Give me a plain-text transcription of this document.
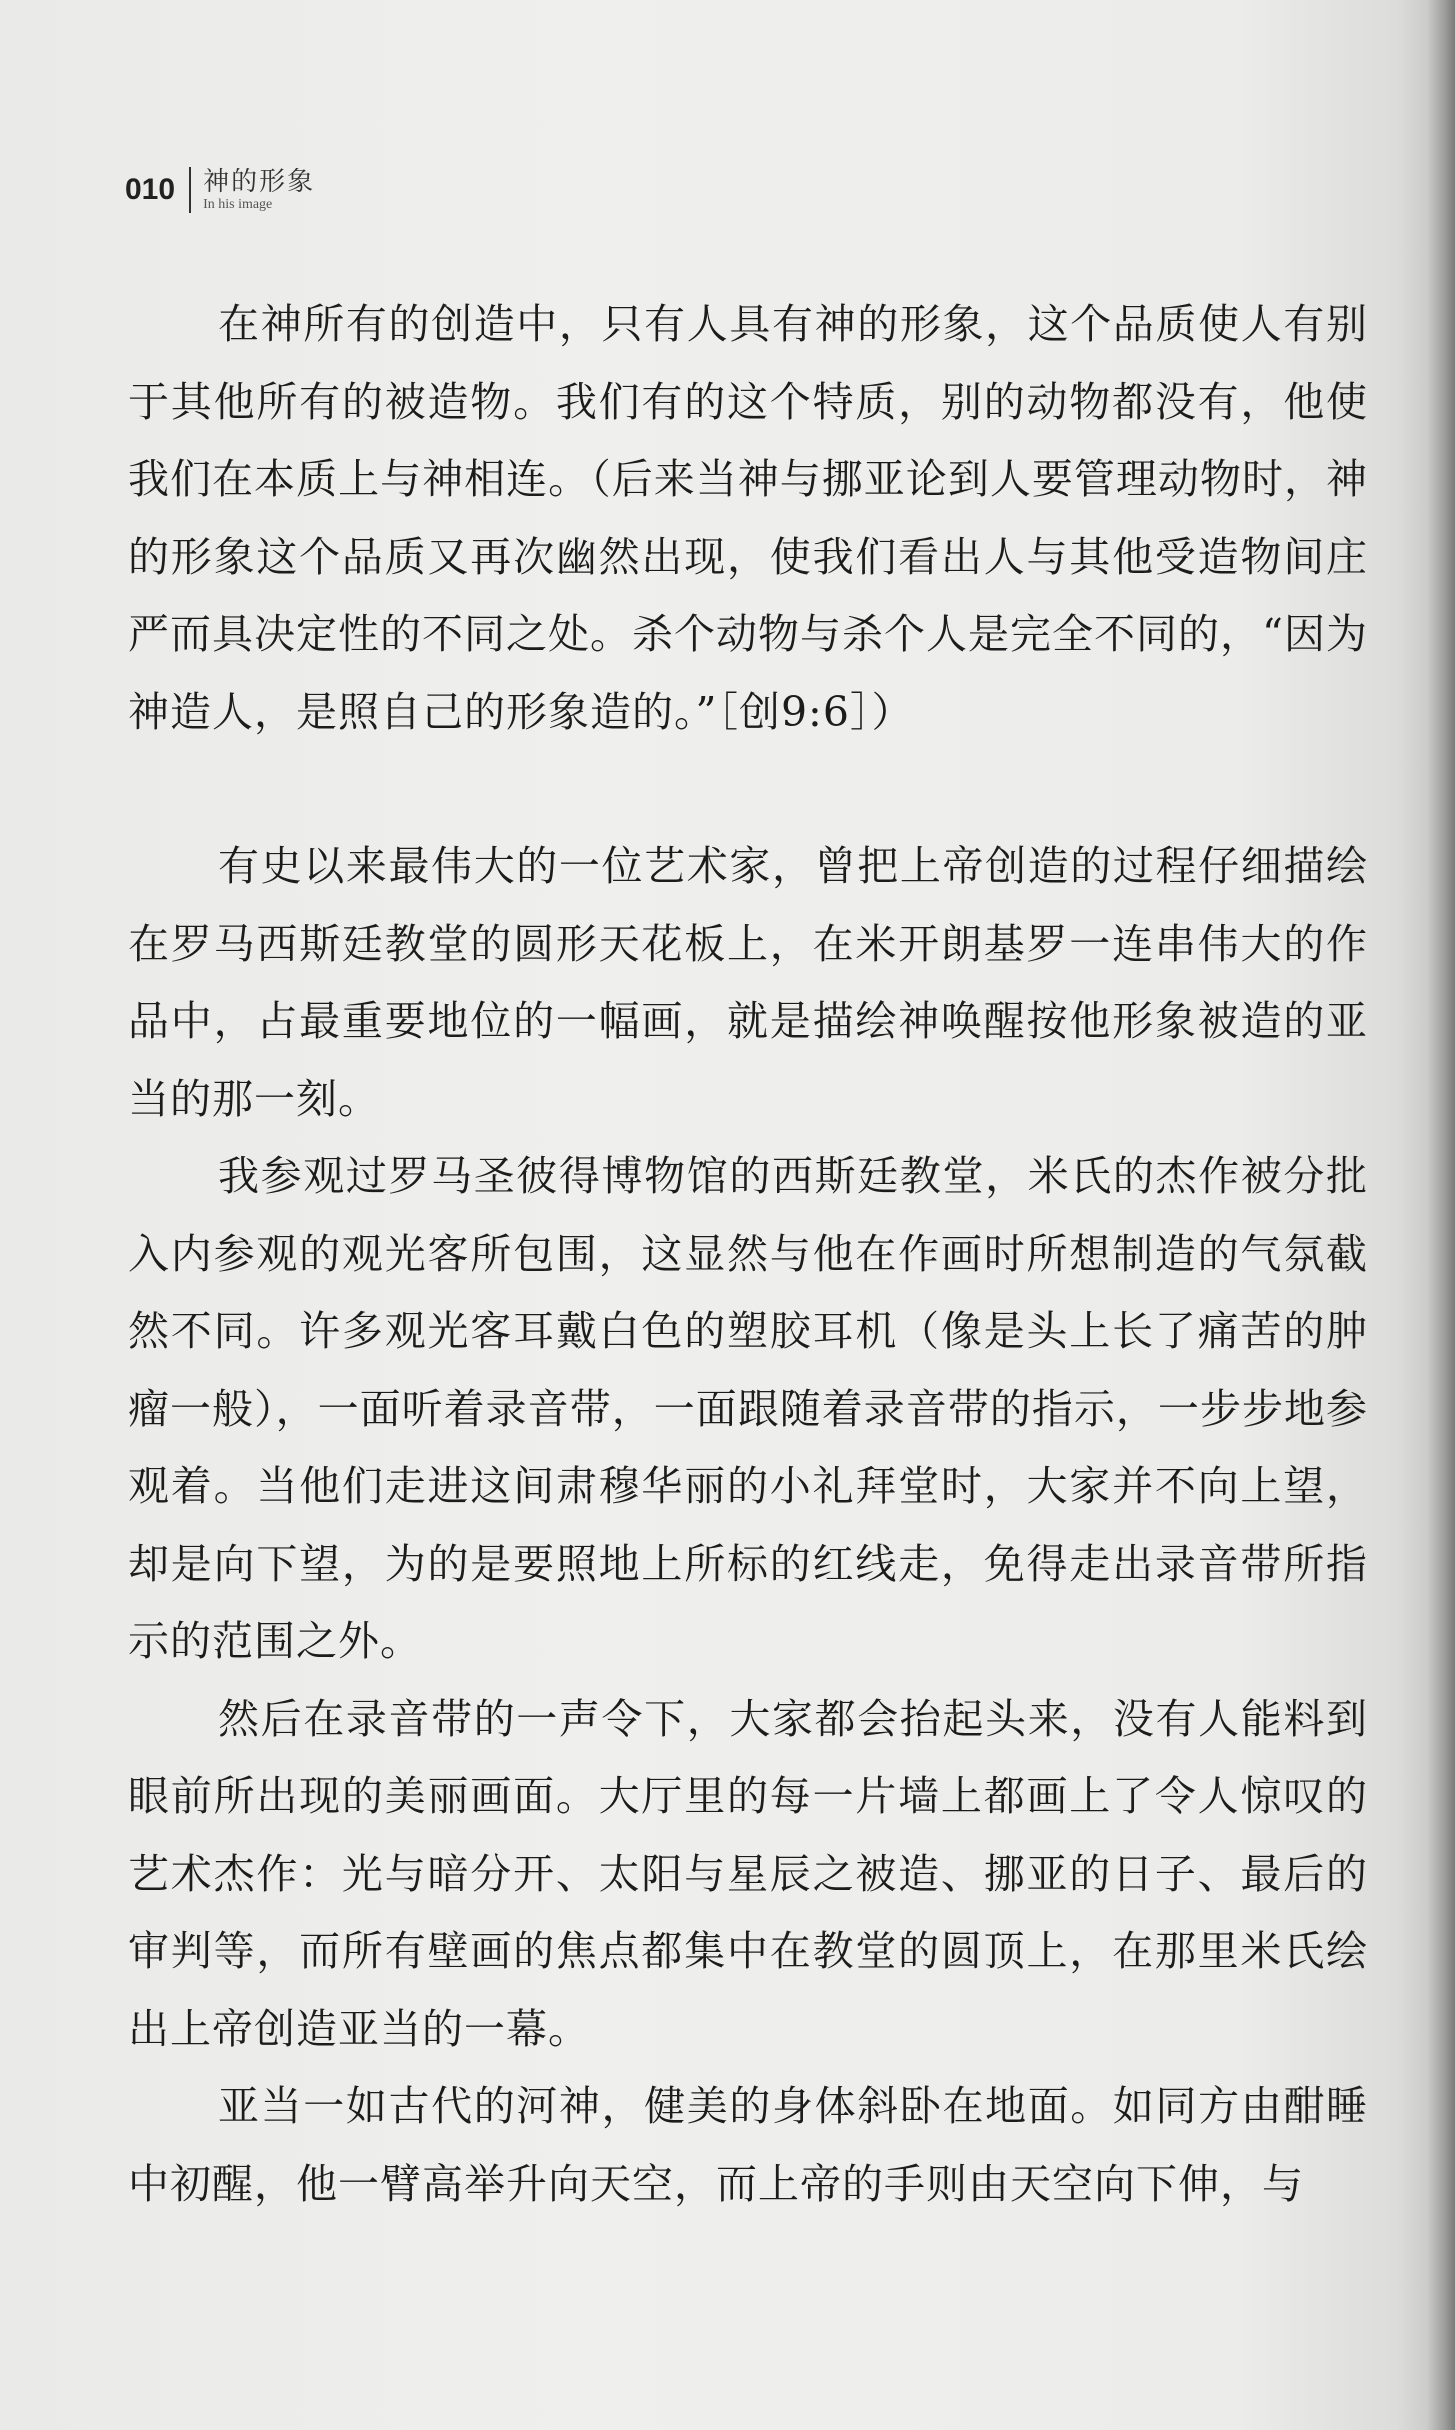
010 神的形象
In his image

在神所有的创造中，只有人具有神的形象，这个品质使人有别于其他所有的被造物。我们有的这个特质，别的动物都没有，他使我们在本质上与神相连。（后来当神与挪亚论到人要管理动物时，神的形象这个品质又再次幽然出现，使我们看出人与其他受造物间庄严而具决定性的不同之处。杀个动物与杀个人是完全不同的，“因为神造人，是照自己的形象造的。”［创9:6］）

有史以来最伟大的一位艺术家，曾把上帝创造的过程仔细描绘在罗马西斯廷教堂的圆形天花板上，在米开朗基罗一连串伟大的作品中，占最重要地位的一幅画，就是描绘神唤醒按他形象被造的亚当的那一刻。

我参观过罗马圣彼得博物馆的西斯廷教堂，米氏的杰作被分批入内参观的观光客所包围，这显然与他在作画时所想制造的气氛截然不同。许多观光客耳戴白色的塑胶耳机（像是头上长了痛苦的肿瘤一般），一面听着录音带，一面跟随着录音带的指示，一步步地参观着。当他们走进这间肃穆华丽的小礼拜堂时，大家并不向上望，却是向下望，为的是要照地上所标的红线走，免得走出录音带所指示的范围之外。

然后在录音带的一声令下，大家都会抬起头来，没有人能料到眼前所出现的美丽画面。大厅里的每一片墙上都画上了令人惊叹的艺术杰作：光与暗分开、太阳与星辰之被造、挪亚的日子、最后的审判等，而所有壁画的焦点都集中在教堂的圆顶上，在那里米氏绘出上帝创造亚当的一幕。

亚当一如古代的河神，健美的身体斜卧在地面。如同方由酣睡中初醒，他一臂高举升向天空，而上帝的手则由天空向下伸，与
